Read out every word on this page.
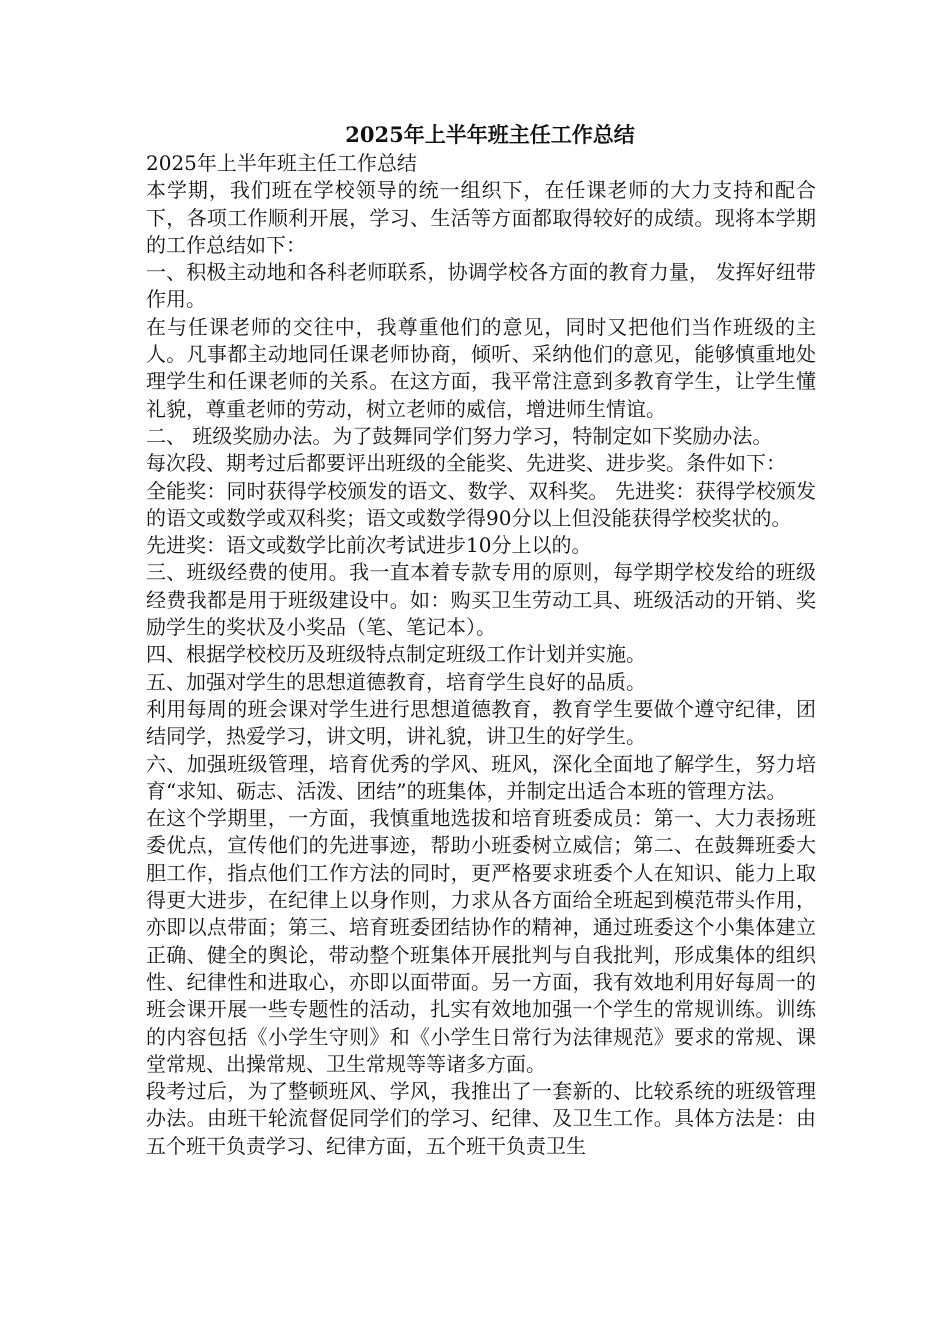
2025年上半年班主任工作总结

2025年上半年班主任工作总结

本学期，我们班在学校领导的统一组织下，在任课老师的大力支持和配合下，各项工作顺利开展，学习、生活等方面都取得较好的成绩。现将本学期的工作总结如下：

一、积极主动地和各科老师联系，协调学校各方面的教育力量， 发挥好纽带作用。

在与任课老师的交往中，我尊重他们的意见，同时又把他们当作班级的主人。凡事都主动地同任课老师协商，倾听、采纳他们的意见，能够慎重地处理学生和任课老师的关系。在这方面，我平常注意到多教育学生，让学生懂礼貌，尊重老师的劳动，树立老师的威信，增进师生情谊。

二、 班级奖励办法。为了鼓舞同学们努力学习，特制定如下奖励办法。

每次段、期考过后都要评出班级的全能奖、先进奖、进步奖。条件如下：

全能奖：同时获得学校颁发的语文、数学、双科奖。 先进奖：获得学校颁发的语文或数学或双科奖；语文或数学得90分以上但没能获得学校奖状的。

先进奖：语文或数学比前次考试进步10分上以的。

三、班级经费的使用。我一直本着专款专用的原则，每学期学校发给的班级经费我都是用于班级建设中。如：购买卫生劳动工具、班级活动的开销、奖励学生的奖状及小奖品（笔、笔记本）。

四、根据学校校历及班级特点制定班级工作计划并实施。

五、加强对学生的思想道德教育，培育学生良好的品质。

利用每周的班会课对学生进行思想道德教育，教育学生要做个遵守纪律，团结同学，热爱学习，讲文明，讲礼貌，讲卫生的好学生。

六、加强班级管理，培育优秀的学风、班风，深化全面地了解学生，努力培育“求知、砺志、活泼、团结”的班集体，并制定出适合本班的管理方法。

在这个学期里，一方面，我慎重地选拔和培育班委成员：第一、大力表扬班委优点，宣传他们的先进事迹，帮助小班委树立威信；第二、在鼓舞班委大胆工作，指点他们工作方法的同时，更严格要求班委个人在知识、能力上取得更大进步，在纪律上以身作则，力求从各方面给全班起到模范带头作用，亦即以点带面；第三、培育班委团结协作的精神，通过班委这个小集体建立正确、健全的舆论，带动整个班集体开展批判与自我批判，形成集体的组织性、纪律性和进取心，亦即以面带面。另一方面，我有效地利用好每周一的班会课开展一些专题性的活动，扎实有效地加强一个学生的常规训练。训练的内容包括《小学生守则》和《小学生日常行为法律规范》要求的常规、课堂常规、出操常规、卫生常规等等诸多方面。

段考过后，为了整顿班风、学风，我推出了一套新的、比较系统的班级管理办法。由班干轮流督促同学们的学习、纪律、及卫生工作。具体方法是：由五个班干负责学习、纪律方面，五个班干负责卫生
